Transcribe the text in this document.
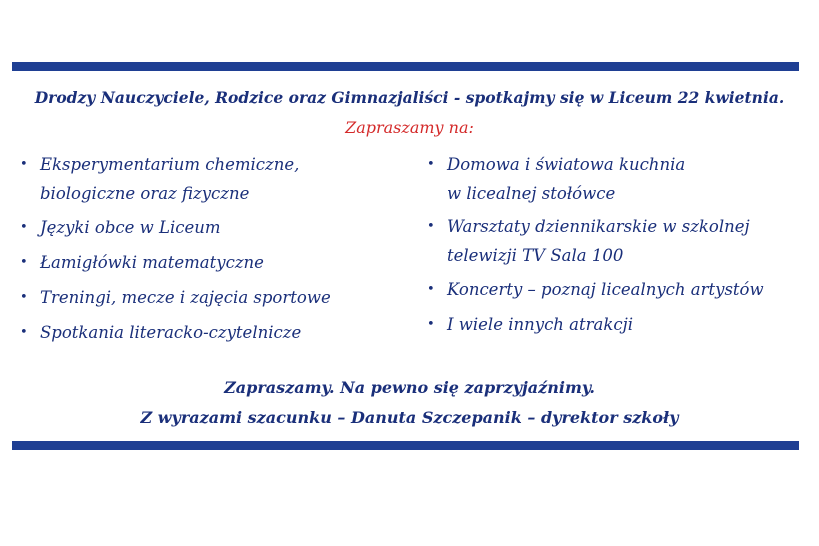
Drodzy Nauczyciele, Rodzice oraz Gimnazjaliści - spotkajmy się w Liceum 22 kwietnia.
Zapraszamy na:
• Eksperymentarium chemiczne,
biologiczne oraz fizyczne
• Języki obce w Liceum
• Łamigłówki matematyczne
• Treningi, mecze i zajęcia sportowe
• Spotkania literacko-czytelnicze
• Domowa i światowa kuchnia
w licealnej stołówce
• Warsztaty dziennikarskie w szkolnej
telewizji TV Sala 100
• Koncerty – poznaj licealnych artystów
• I wiele innych atrakcji
Zapraszamy. Na pewno się zaprzyjaźnimy.
Z wyrazami szacunku – Danuta Szczepanik – dyrektor szkoły
